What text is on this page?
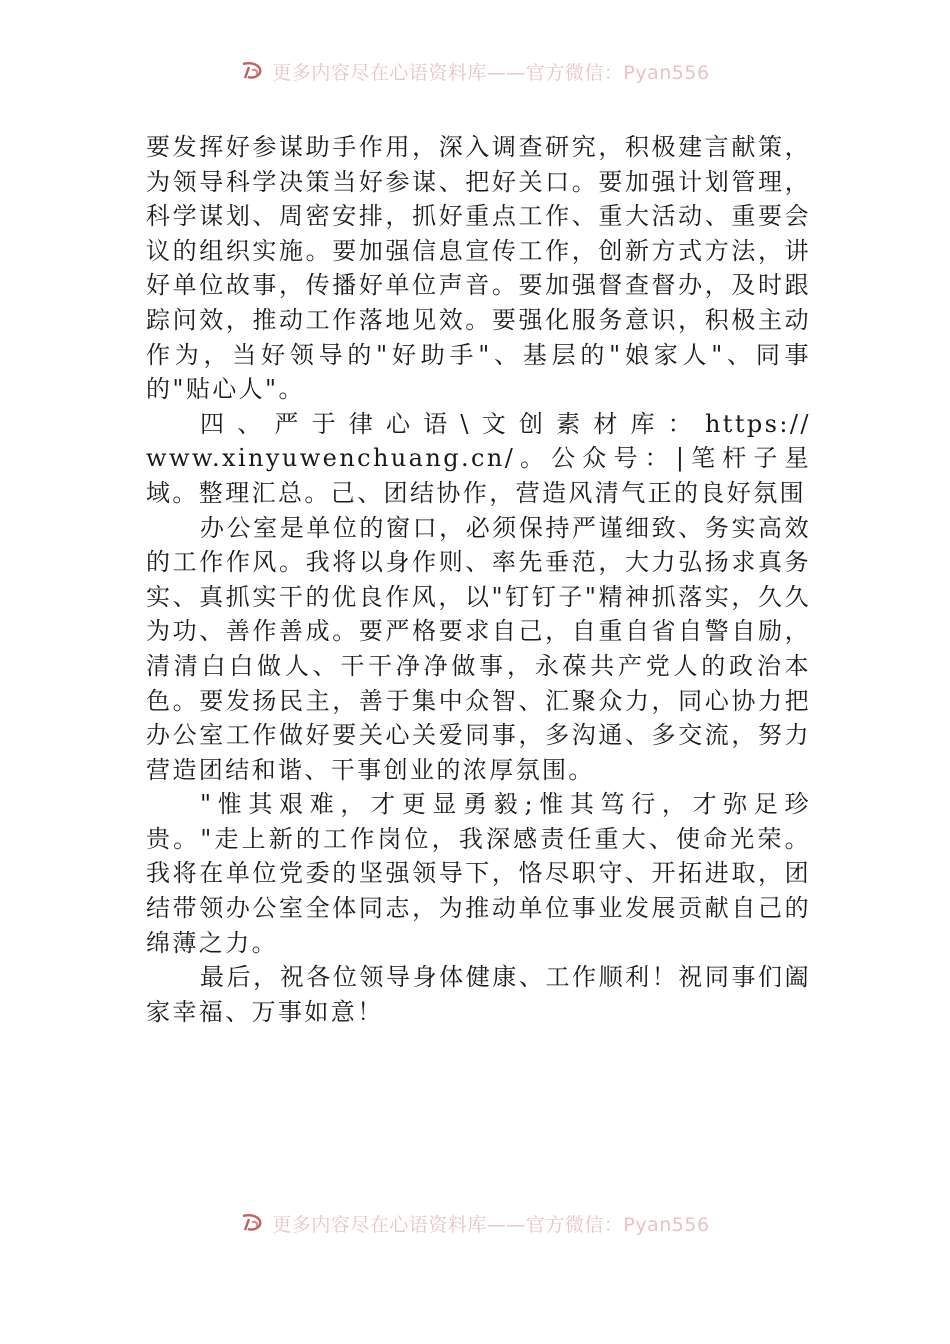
更多内容尽在心语资料库——官方微信：Pyan556

要发挥好参谋助手作用，深入调查研究，积极建言献策，为领导科学决策当好参谋、把好关口。要加强计划管理，科学谋划、周密安排，抓好重点工作、重大活动、重要会议的组织实施。要加强信息宣传工作，创新方式方法，讲好单位故事，传播好单位声音。要加强督查督办，及时跟踪问效，推动工作落地见效。要强化服务意识，积极主动作为，当好领导的"好助手"、基层的"娘家人"、同事的"贴心人"。

四 、 严 于 律 心 语 \ 文 创 素 材 库 ： https://

www.xinyuwenchuang.cn/。公众号：|笔杆子星域。整理汇总。己、团结协作，营造风清气正的良好氛围

办公室是单位的窗口，必须保持严谨细致、务实高效的工作作风。我将以身作则、率先垂范，大力弘扬求真务实、真抓实干的优良作风，以"钉钉子"精神抓落实，久久为功、善作善成。要严格要求自己，自重自省自警自励，清清白白做人、干干净净做事，永葆共产党人的政治本色。要发扬民主，善于集中众智、汇聚众力，同心协力把办公室工作做好要关心关爱同事，多沟通、多交流，努力营造团结和谐、干事创业的浓厚氛围。

"惟其艰难，才更显勇毅;惟其笃行，才弥足珍贵。"走上新的工作岗位，我深感责任重大、使命光荣。我将在单位党委的坚强领导下，恪尽职守、开拓进取，团结带领办公室全体同志，为推动单位事业发展贡献自己的绵薄之力。

最后，祝各位领导身体健康、工作顺利！祝同事们阖家幸福、万事如意！

更多内容尽在心语资料库——官方微信：Pyan556
